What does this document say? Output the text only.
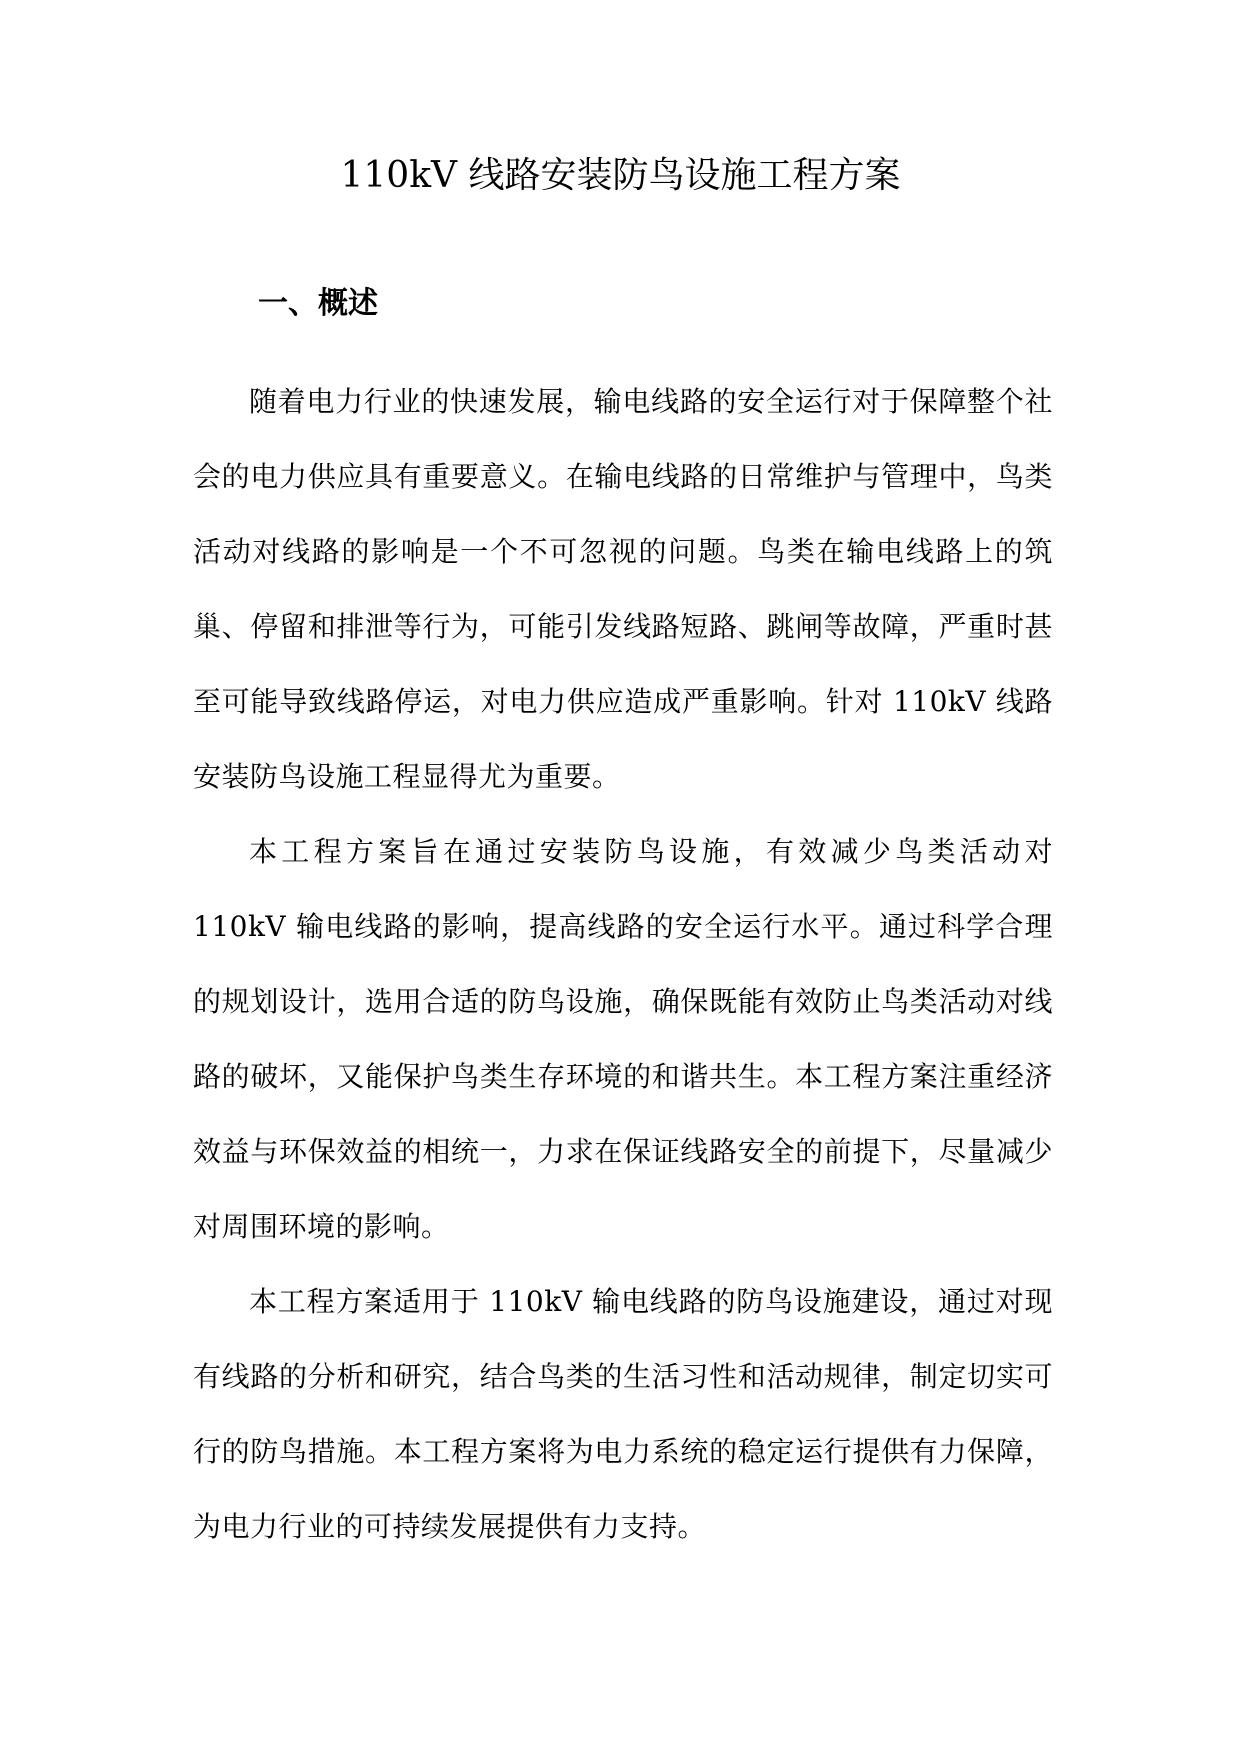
110kV 线路安装防鸟设施工程方案
一、概述

随着电力行业的快速发展，输电线路的安全运行对于保障整个社会的电力供应具有重要意义。在输电线路的日常维护与管理中，鸟类活动对线路的影响是一个不可忽视的问题。鸟类在输电线路上的筑巢、停留和排泄等行为，可能引发线路短路、跳闸等故障，严重时甚至可能导致线路停运，对电力供应造成严重影响。针对 110kV 线路安装防鸟设施工程显得尤为重要。

本工程方案旨在通过安装防鸟设施，有效减少鸟类活动对 110kV 输电线路的影响，提高线路的安全运行水平。通过科学合理的规划设计，选用合适的防鸟设施，确保既能有效防止鸟类活动对线路的破坏，又能保护鸟类生存环境的和谐共生。本工程方案注重经济效益与环保效益的相统一，力求在保证线路安全的前提下，尽量减少对周围环境的影响。

本工程方案适用于 110kV 输电线路的防鸟设施建设，通过对现有线路的分析和研究，结合鸟类的生活习性和活动规律，制定切实可行的防鸟措施。本工程方案将为电力系统的稳定运行提供有力保障，为电力行业的可持续发展提供有力支持。
